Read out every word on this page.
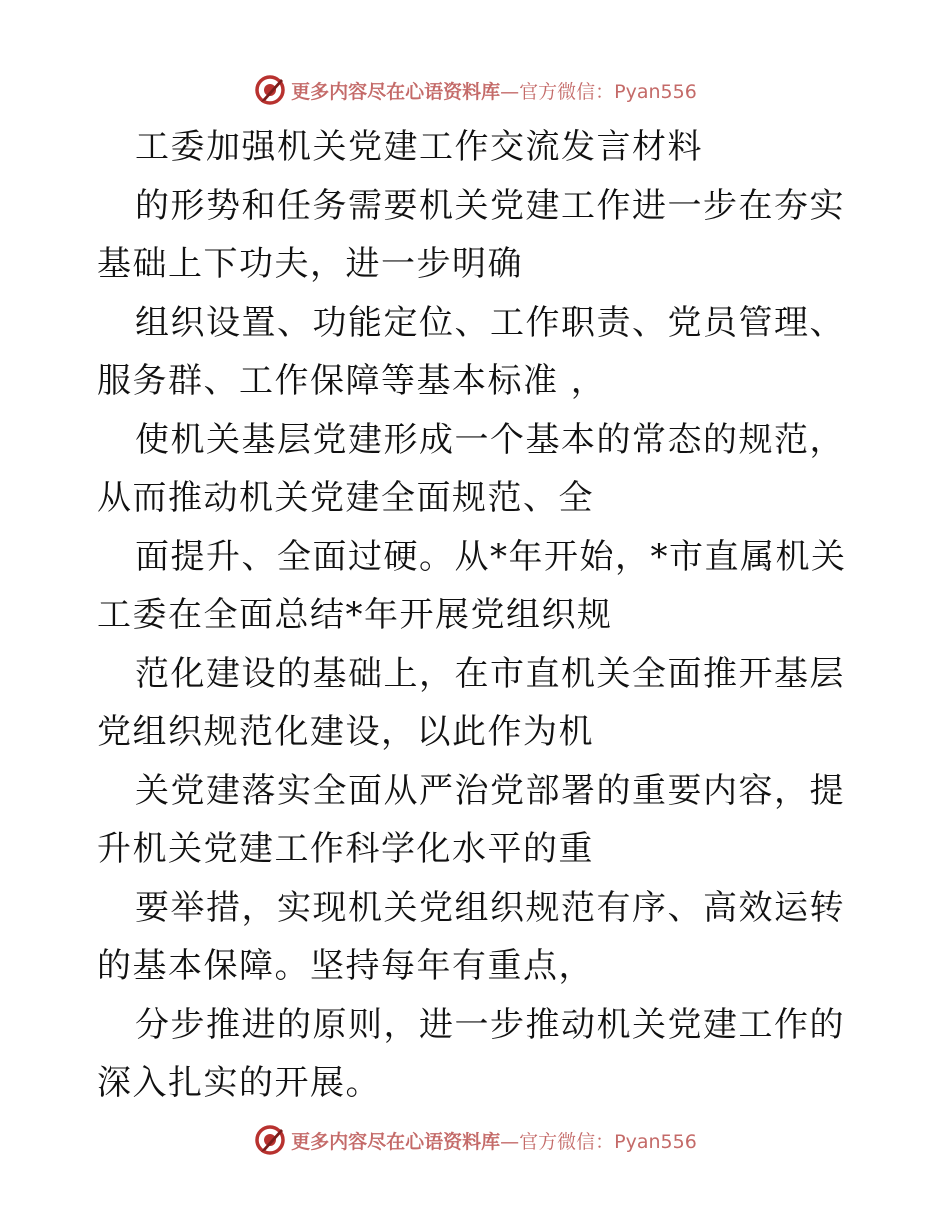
更多内容尽在心语资料库 —官方微信：Pyan556

工委加强机关党建工作交流发言材料

的形势和任务需要机关党建工作进一步在夯实基础上下功夫，进一步明确

组织设置、功能定位、工作职责、党员管理、服务群、工作保障等基本标准 ，

使机关基层党建形成一个基本的常态的规范，从而推动机关党建全面规范、全

面提升、全面过硬。从*年开始，*市直属机关工委在全面总结*年开展党组织规

范化建设的基础上，在市直机关全面推开基层党组织规范化建设，以此作为机

关党建落实全面从严治党部署的重要内容，提升机关党建工作科学化水平的重

要举措，实现机关党组织规范有序、高效运转的基本保障。坚持每年有重点，

分步推进的原则，进一步推动机关党建工作的深入扎实的开展。

更多内容尽在心语资料库 —官方微信：Pyan556
